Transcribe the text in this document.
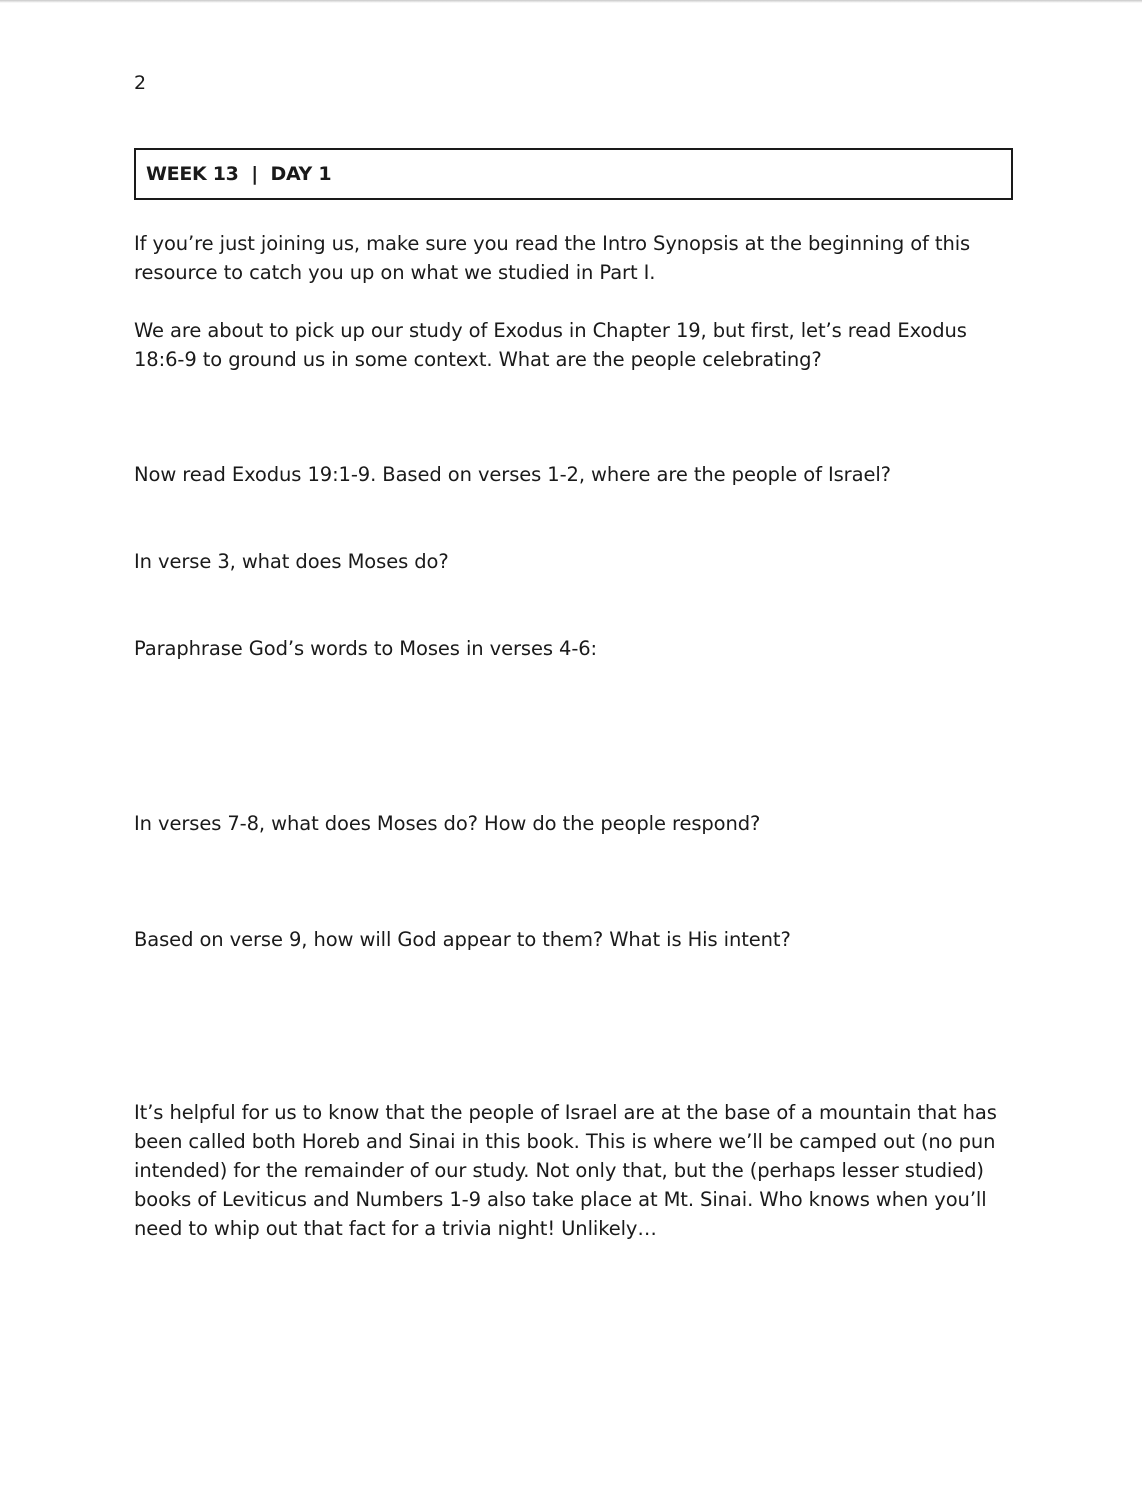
2
WEEK 13  |  DAY 1

If you’re just joining us, make sure you read the Intro Synopsis at the beginning of this resource to catch you up on what we studied in Part I.

We are about to pick up our study of Exodus in Chapter 19, but first, let’s read Exodus 18:6-9 to ground us in some context. What are the people celebrating?

Now read Exodus 19:1-9. Based on verses 1-2, where are the people of Israel?

In verse 3, what does Moses do?

Paraphrase God’s words to Moses in verses 4-6:

In verses 7-8, what does Moses do? How do the people respond?

Based on verse 9, how will God appear to them? What is His intent?

It’s helpful for us to know that the people of Israel are at the base of a mountain that has been called both Horeb and Sinai in this book. This is where we’ll be camped out (no pun intended) for the remainder of our study. Not only that, but the (perhaps lesser studied) books of Leviticus and Numbers 1-9 also take place at Mt. Sinai. Who knows when you’ll need to whip out that fact for a trivia night! Unlikely…
